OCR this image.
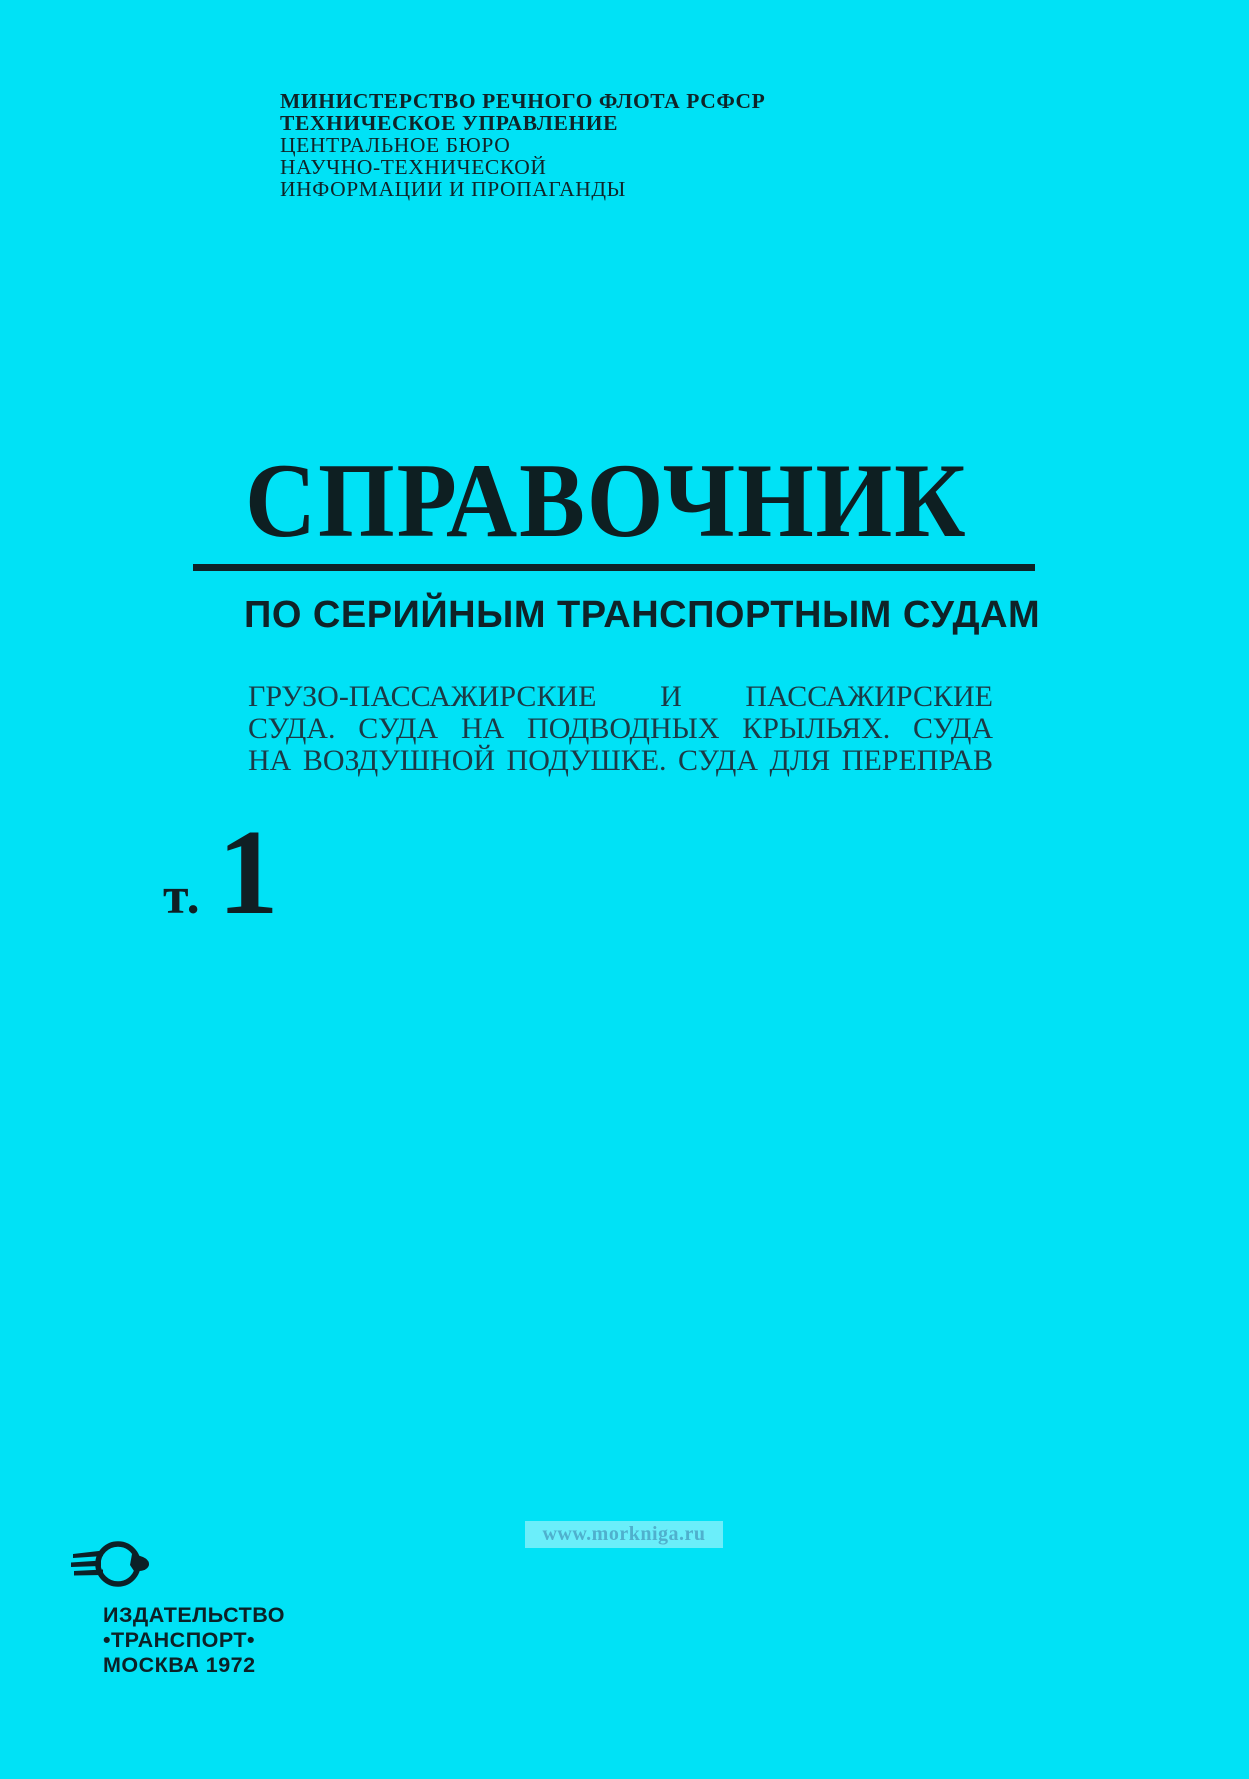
МИНИСТЕРСТВО РЕЧНОГО ФЛОТА РСФСР
ТЕХНИЧЕСКОЕ УПРАВЛЕНИЕ
ЦЕНТРАЛЬНОЕ БЮРО
НАУЧНО-ТЕХНИЧЕСКОЙ
ИНФОРМАЦИИ И ПРОПАГАНДЫ
СПРАВОЧНИК
ПО СЕРИЙНЫМ ТРАНСПОРТНЫМ СУДАМ
ГРУЗО-ПАССАЖИРСКИЕ И ПАССАЖИРСКИЕ
СУДА. СУДА НА ПОДВОДНЫХ КРЫЛЬЯХ. СУДА
НА ВОЗДУШНОЙ ПОДУШКЕ. СУДА ДЛЯ ПЕРЕПРАВ
т. 1
www.morkniga.ru
т
ИЗДАТЕЛЬСТВО
•ТРАНСПОРТ•
МОСКВА 1972
